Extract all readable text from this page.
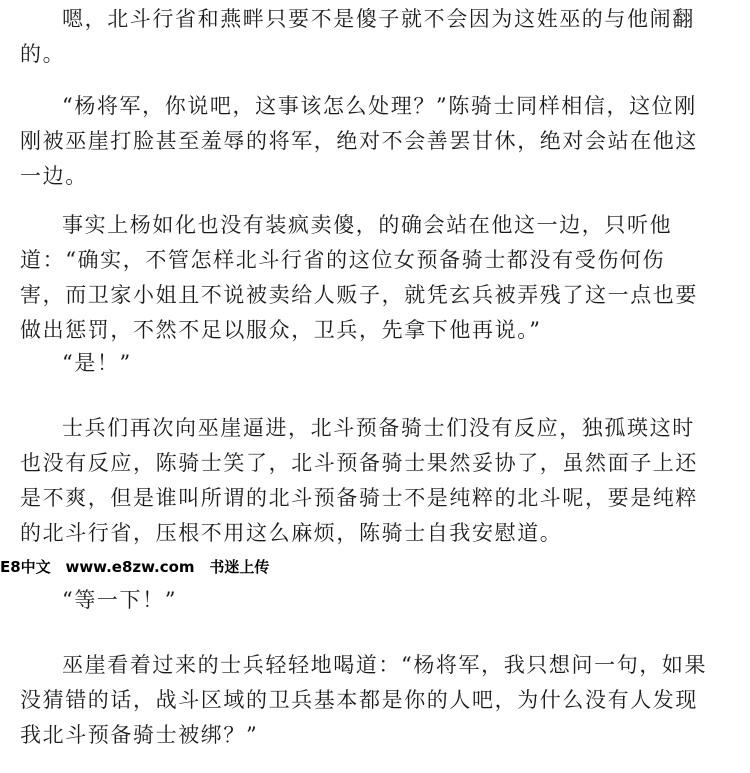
嗯，北斗行省和燕畔只要不是傻子就不会因为这姓巫的与他闹翻的。

“杨将军，你说吧，这事该怎么处理？”陈骑士同样相信，这位刚刚被巫崖打脸甚至羞辱的将军，绝对不会善罢甘休，绝对会站在他这一边。

事实上杨如化也没有装疯卖傻，的确会站在他这一边，只听他道：“确实，不管怎样北斗行省的这位女预备骑士都没有受伤何伤害，而卫家小姐且不说被卖给人贩子，就凭玄兵被弄残了这一点也要做出惩罚，不然不足以服众，卫兵，先拿下他再说。”

“是！”

士兵们再次向巫崖逼进，北斗预备骑士们没有反应，独孤瑛这时也没有反应，陈骑士笑了，北斗预备骑士果然妥协了，虽然面子上还是不爽，但是谁叫所谓的北斗预备骑士不是纯粹的北斗呢，要是纯粹的北斗行省，压根不用这么麻烦，陈骑士自我安慰道。

“等一下！”

巫崖看着过来的士兵轻轻地喝道：“杨将军，我只想问一句，如果没猜错的话，战斗区域的卫兵基本都是你的人吧，为什么没有人发现我北斗预备骑士被绑？”

E8中文 www.e8zw.com 书迷上传
